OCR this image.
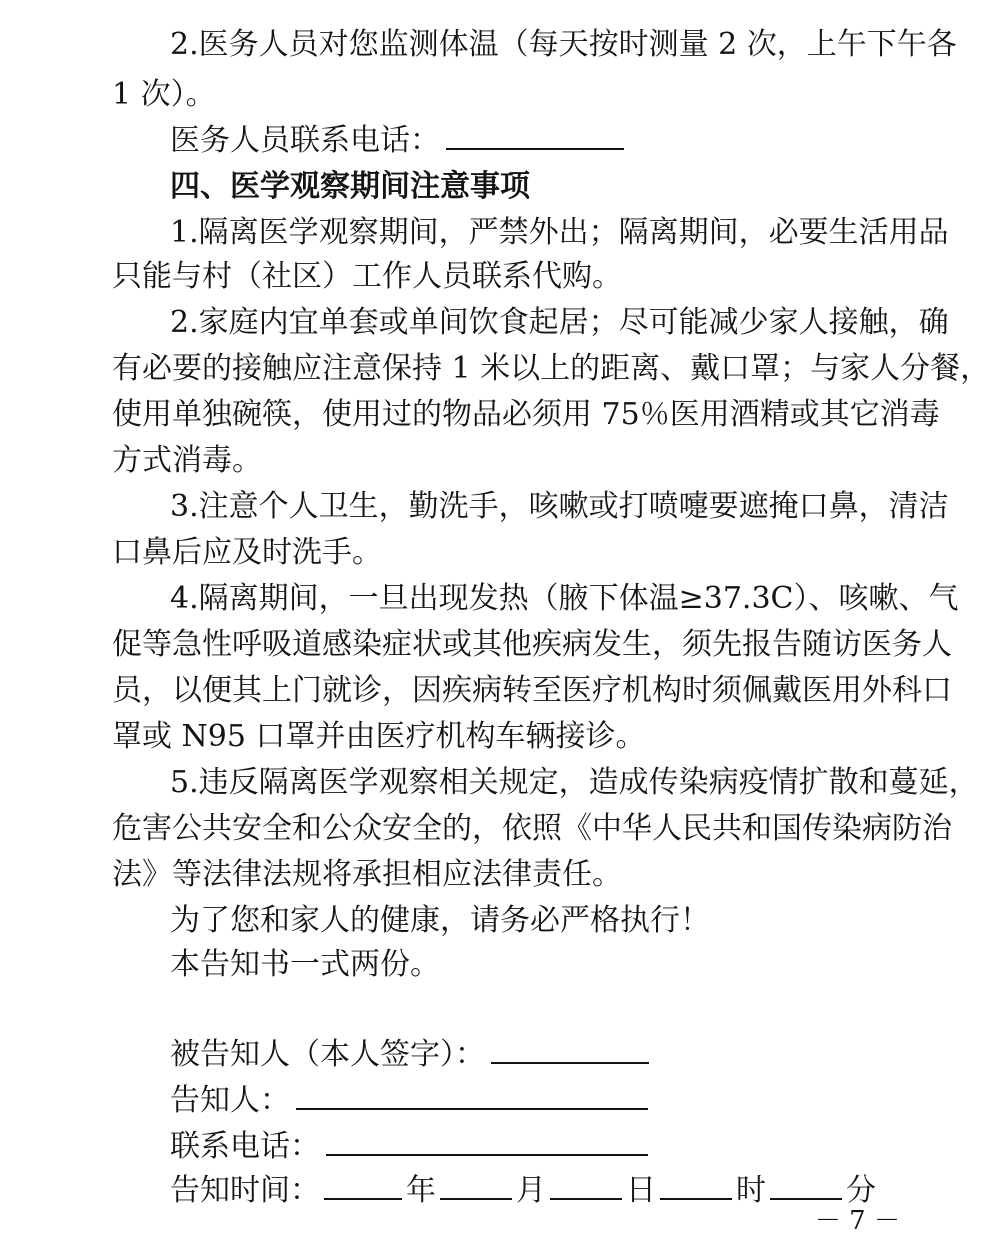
2.医务人员对您监测体温（每天按时测量 2 次，上午下午各
1 次）。
医务人员联系电话：
四、医学观察期间注意事项
1.隔离医学观察期间，严禁外出；隔离期间，必要生活用品
只能与村（社区）工作人员联系代购。
2.家庭内宜单套或单间饮食起居；尽可能减少家人接触，确
有必要的接触应注意保持 1 米以上的距离、戴口罩；与家人分餐，
使用单独碗筷，使用过的物品必须用 75％医用酒精或其它消毒
方式消毒。
3.注意个人卫生，勤洗手，咳嗽或打喷嚏要遮掩口鼻，清洁
口鼻后应及时洗手。
4.隔离期间，一旦出现发热（腋下体温≥37.3C）、咳嗽、气
促等急性呼吸道感染症状或其他疾病发生，须先报告随访医务人
员，以便其上门就诊，因疾病转至医疗机构时须佩戴医用外科口
罩或 N95 口罩并由医疗机构车辆接诊。
5.违反隔离医学观察相关规定，造成传染病疫情扩散和蔓延，
危害公共安全和公众安全的，依照《中华人民共和国传染病防治
法》等法律法规将承担相应法律责任。
为了您和家人的健康，请务必严格执行！
本告知书一式两份。
被告知人（本人签字）：
告知人：
联系电话：
告知时间：	年	月	日	时	分
－ 7 －
